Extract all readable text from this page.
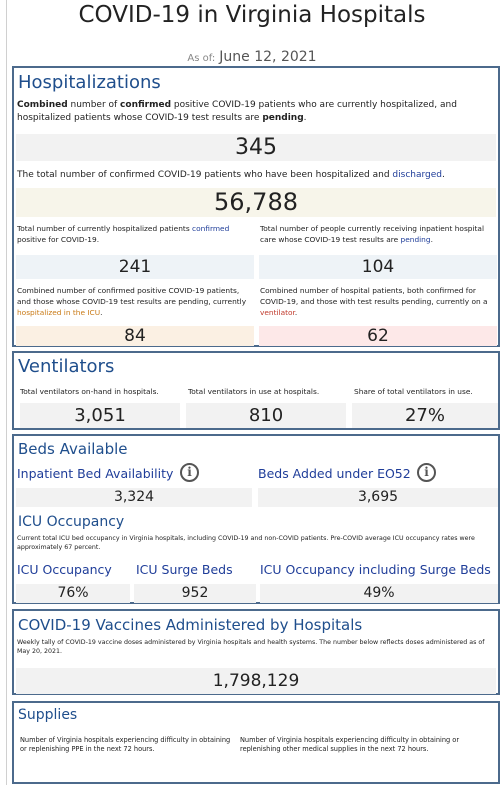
COVID-19 in Virginia Hospitals
As of: June 12, 2021
Hospitalizations
Combined number of confirmed positive COVID-19 patients who are currently hospitalized, and hospitalized patients whose COVID-19 test results are pending.
345
The total number of confirmed COVID-19 patients who have been hospitalized and discharged.
56,788
Total number of currently hospitalized patients confirmed positive for COVID-19.
Total number of people currently receiving inpatient hospital care whose COVID-19 test results are pending.
241	104
Combined number of confirmed positive COVID-19 patients, and those whose COVID-19 test results are pending, currently hospitalized in the ICU.
Combined number of hospital patients, both confirmed for COVID-19, and those with test results pending, currently on a ventilator.
84	62
Ventilators
Total ventilators on-hand in hospitals.	Total ventilators in use at hospitals.	Share of total ventilators in use.
3,051	810	27%
Beds Available
Inpatient Bed Availability	i	Beds Added under EO52	i
3,324	3,695
ICU Occupancy
Current total ICU bed occupancy in Virginia hospitals, including COVID-19 and non-COVID patients. Pre-COVID average ICU occupancy rates were approximately 67 percent.
ICU Occupancy ICU Surge Beds ICU Occupancy including Surge Beds
76%	952	49%
COVID-19 Vaccines Administered by Hospitals
Weekly tally of COVID-19 vaccine doses administered by Virginia hospitals and health systems. The number below reflects doses administered as of May 20, 2021.
1,798,129
Supplies
Number of Virginia hospitals experiencing difficulty in obtaining or replenishing PPE in the next 72 hours.
Number of Virginia hospitals experiencing difficulty in obtaining or replenishing other medical supplies in the next 72 hours.
